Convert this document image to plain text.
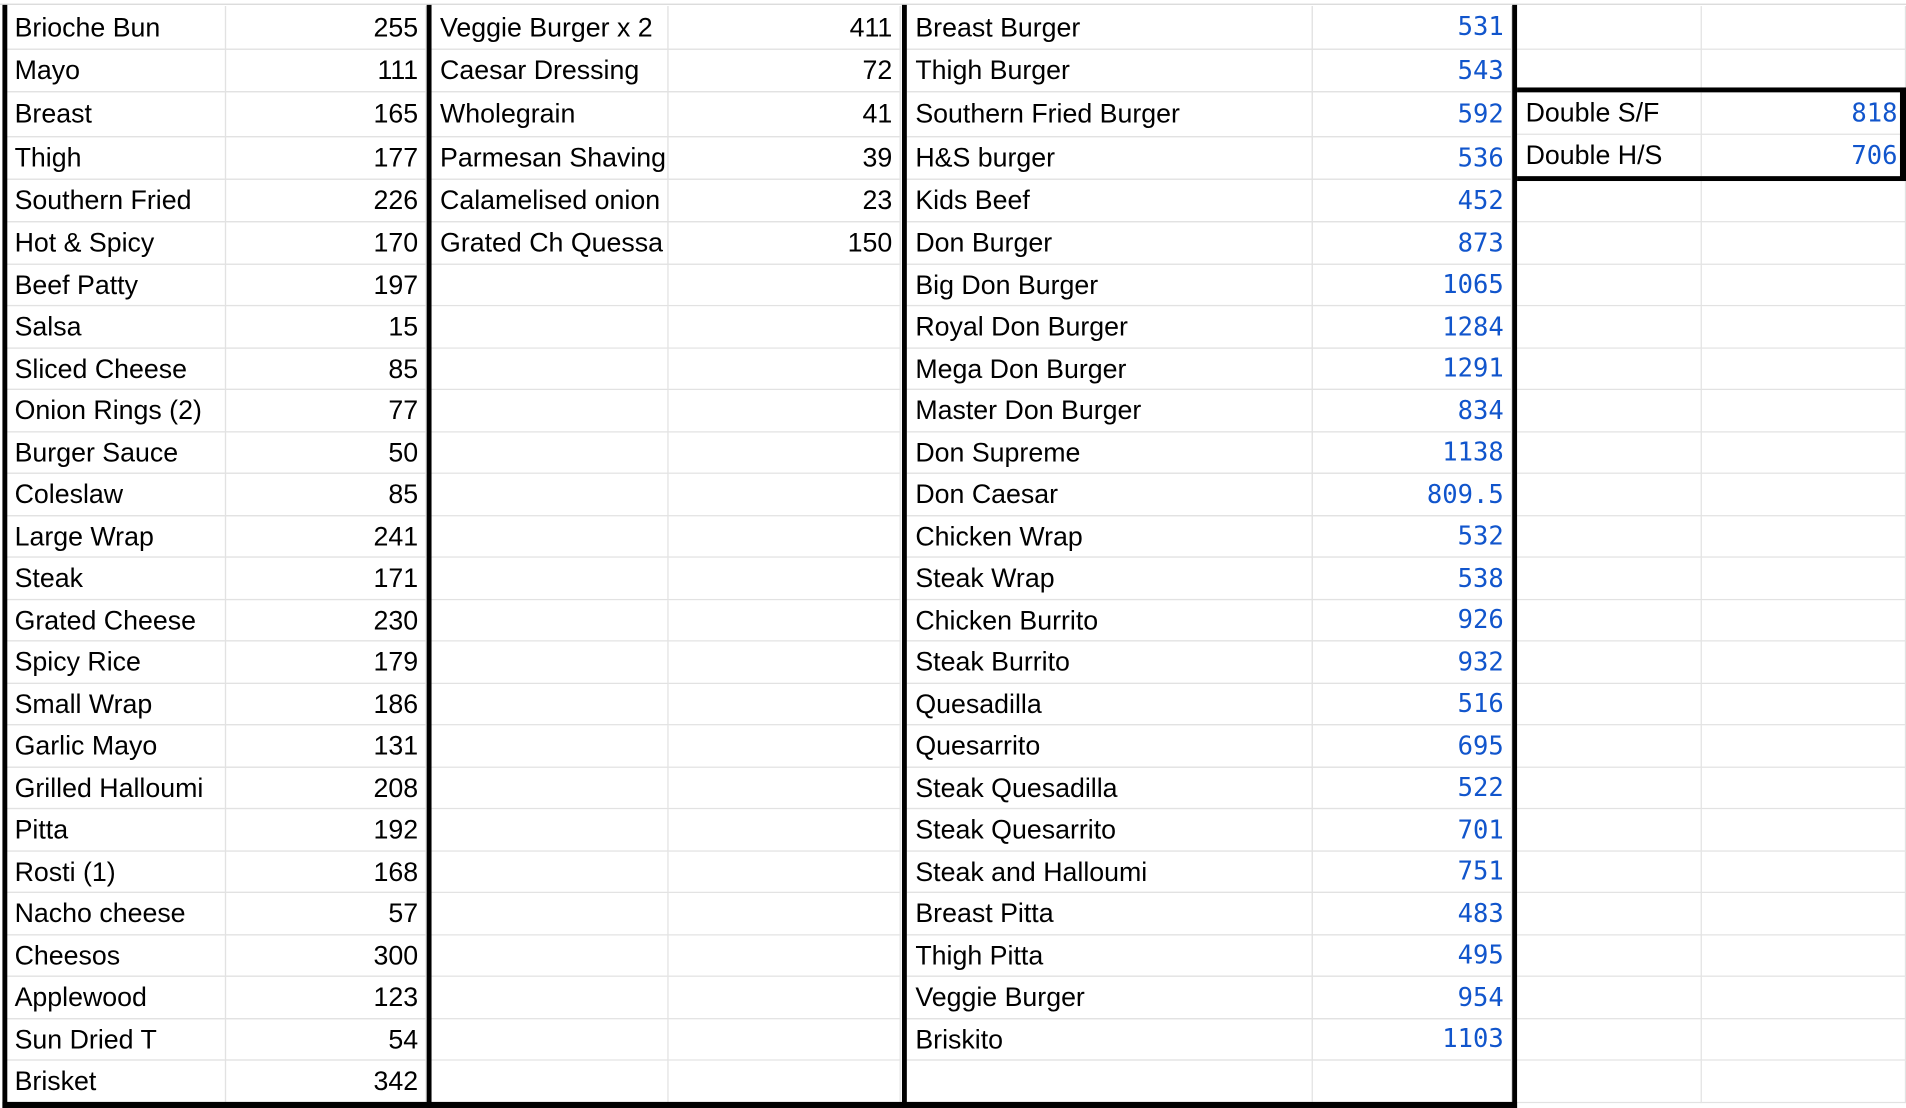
Brioche Bun	255
Mayo	111
Breast	165
Thigh	177
Southern Fried	226
Hot & Spicy	170
Beef Patty	197
Salsa	15
Sliced Cheese	85
Onion Rings (2)	77
Burger Sauce	50
Coleslaw	85
Large Wrap	241
Steak	171
Grated Cheese	230
Spicy Rice	179
Small Wrap	186
Garlic Mayo	131
Grilled Halloumi	208
Pitta	192
Rosti (1)	168
Nacho cheese	57
Cheesos	300
Applewood	123
Sun Dried T	54
Brisket	342
Veggie Burger x 2	411
Caesar Dressing	72
Wholegrain	41
Parmesan Shaving	39
Calamelised onion	23
Grated Ch Quessa	150
Breast Burger	531
Thigh Burger	543
Southern Fried Burger	592
H&S burger	536
Kids Beef	452
Don Burger	873
Big Don Burger	1065
Royal Don Burger	1284
Mega Don Burger	1291
Master Don Burger	834
Don Supreme	1138
Don Caesar	809.5
Chicken Wrap	532
Steak Wrap	538
Chicken Burrito	926
Steak Burrito	932
Quesadilla	516
Quesarrito	695
Steak Quesadilla	522
Steak Quesarrito	701
Steak and Halloumi	751
Breast Pitta	483
Thigh Pitta	495
Veggie Burger	954
Briskito	1103
Double S/F	818
Double H/S	706
